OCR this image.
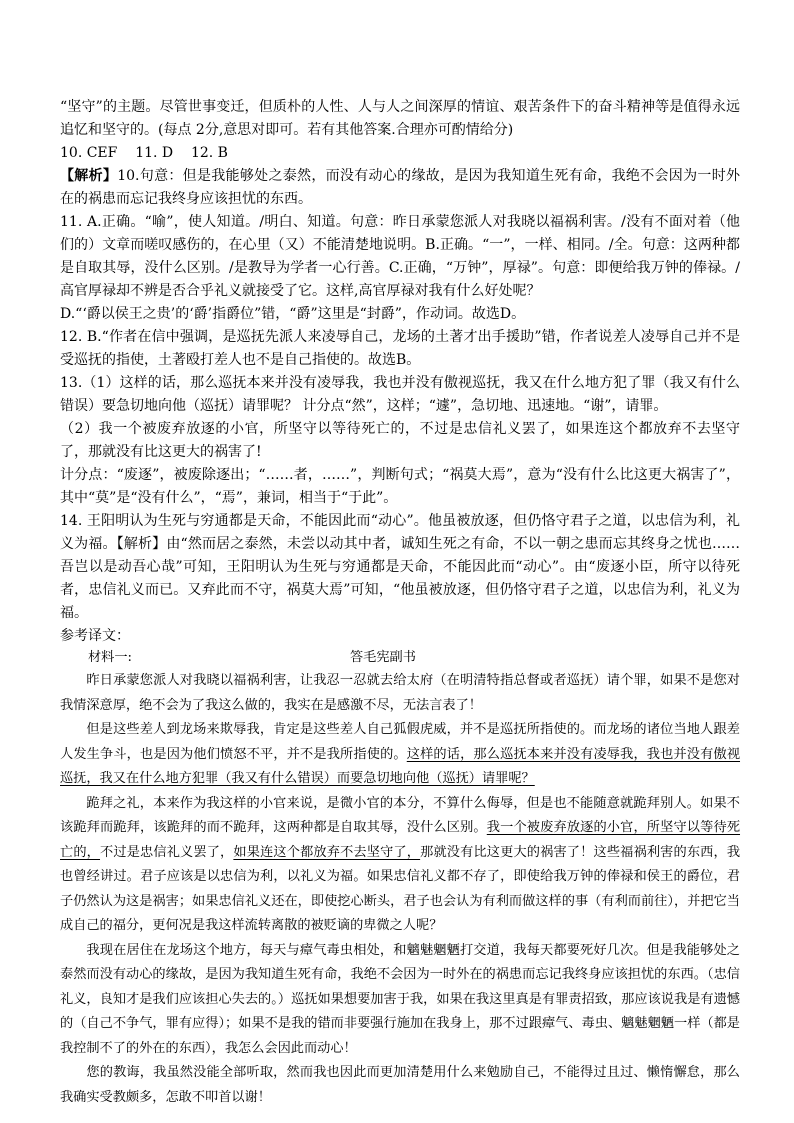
“坚守”的主题。尽管世事变迁，但质朴的人性、人与人之间深厚的情谊、艰苦条件下的奋斗精神等是值得永远追忆和坚守的。(每点 2分,意思对即可。若有其他答案.合理亦可酌情给分)

10. CEF 11. D 12. B

【解析】10.句意：但是我能够处之泰然，而没有动心的缘故，是因为我知道生死有命，我绝不会因为一时外在的祸患而忘记我终身应该担忧的东西。

11. A.正确。“喻”，使人知道。/明白、知道。句意：昨日承蒙您派人对我晓以福祸利害。/没有不面对着（他们的）文章而嗟叹感伤的，在心里（又）不能清楚地说明。B.正确。“一”，一样、相同。/全。句意：这两种都是自取其辱，没什么区别。/是教导为学者一心行善。C.正确，“万钟”，厚禄”。句意：即便给我万钟的俸禄。/高官厚禄却不辨是否合乎礼义就接受了它。这样,高官厚禄对我有什么好处呢？

D.“‘爵以侯王之贵’的‘爵’指爵位”错，“爵”这里是“封爵”，作动词。故选D。

12. B.“作者在信中强调，是巡抚先派人来凌辱自己，龙场的土著才出手援助”错，作者说差人凌辱自己并不是受巡抚的指使，土著殴打差人也不是自己指使的。故选B。

13.（1）这样的话，那么巡抚本来并没有凌辱我，我也并没有傲视巡抚，我又在什么地方犯了罪（我又有什么错误）要急切地向他（巡抚）请罪呢？ 计分点“然”，这样；“遽”，急切地、迅速地。“谢”，请罪。

（2）我一个被废弃放逐的小官，所坚守以等待死亡的，不过是忠信礼义罢了，如果连这个都放弃不去坚守了，那就没有比这更大的祸害了!

计分点：“废逐”，被废除逐出；“……者，……”，判断句式；“祸莫大焉”，意为“没有什么比这更大祸害了”，其中“莫”是“没有什么”，“焉”，兼词，相当于“于此”。

14. 王阳明认为生死与穷通都是天命，不能因此而“动心”。他虽被放逐，但仍恪守君子之道，以忠信为利，礼义为福。【解析】由“然而居之泰然，未尝以动其中者，诚知生死之有命，不以一朝之患而忘其终身之忧也……吾岂以是动吾心哉”可知，王阳明认为生死与穷通都是天命，不能因此而“动心”。由“废逐小臣，所守以待死者，忠信礼义而已。又弃此而不守，祸莫大焉”可知，“他虽被放逐，但仍恪守君子之道，以忠信为利，礼义为福。

参考译文：

材料一:	答毛宪副书

昨日承蒙您派人对我晓以福祸利害，让我忍一忍就去给太府（在明清特指总督或者巡抚）请个罪，如果不是您对我情深意厚，绝不会为了我这么做的，我实在是感激不尽，无法言表了！

但是这些差人到龙场来欺辱我，肯定是这些差人自己狐假虎威，并不是巡抚所指使的。而龙场的诸位当地人跟差人发生争斗，也是因为他们愤怒不平，并不是我所指使的。这样的话，那么巡抚本来并没有凌辱我，我也并没有傲视巡抚，我又在什么地方犯罪（我又有什么错误）而要急切地向他（巡抚）请罪呢？

跪拜之礼，本来作为我这样的小官来说，是微小官的本分，不算什么侮辱，但是也不能随意就跪拜别人。如果不该跪拜而跪拜，该跪拜的而不跪拜，这两种都是自取其辱，没什么区别。我一个被废弃放逐的小官，所坚守以等待死亡的，不过是忠信礼义罢了，如果连这个都放弃不去坚守了，那就没有比这更大的祸害了！这些福祸利害的东西，我也曾经讲过。君子应该是以忠信为利，以礼义为福。如果忠信礼义都不存了，即使给我万钟的俸禄和侯王的爵位，君子仍然认为这是祸害；如果忠信礼义还在，即使挖心断头，君子也会认为有利而做这样的事（有利而前往），并把它当成自己的福分，更何况是我这样流转离散的被贬谪的卑微之人呢？

我现在居住在龙场这个地方，每天与瘴气毒虫相处，和魑魅魍魉打交道，我每天都要死好几次。但是我能够处之泰然而没有动心的缘故，是因为我知道生死有命，我绝不会因为一时外在的祸患而忘记我终身应该担忧的东西。（忠信礼义，良知才是我们应该担心失去的。）巡抚如果想要加害于我，如果在我这里真是有罪责招致，那应该说我是有遗憾的（自己不争气，罪有应得）；如果不是我的错而非要强行施加在我身上，那不过跟瘴气、毒虫、魑魅魍魉一样（都是我控制不了的外在的东西），我怎么会因此而动心！

您的教诲，我虽然没能全部听取，然而我也因此而更加清楚用什么来勉励自己，不能得过且过、懒惰懈怠，那么我确实受教颇多，怎敢不叩首以谢！
